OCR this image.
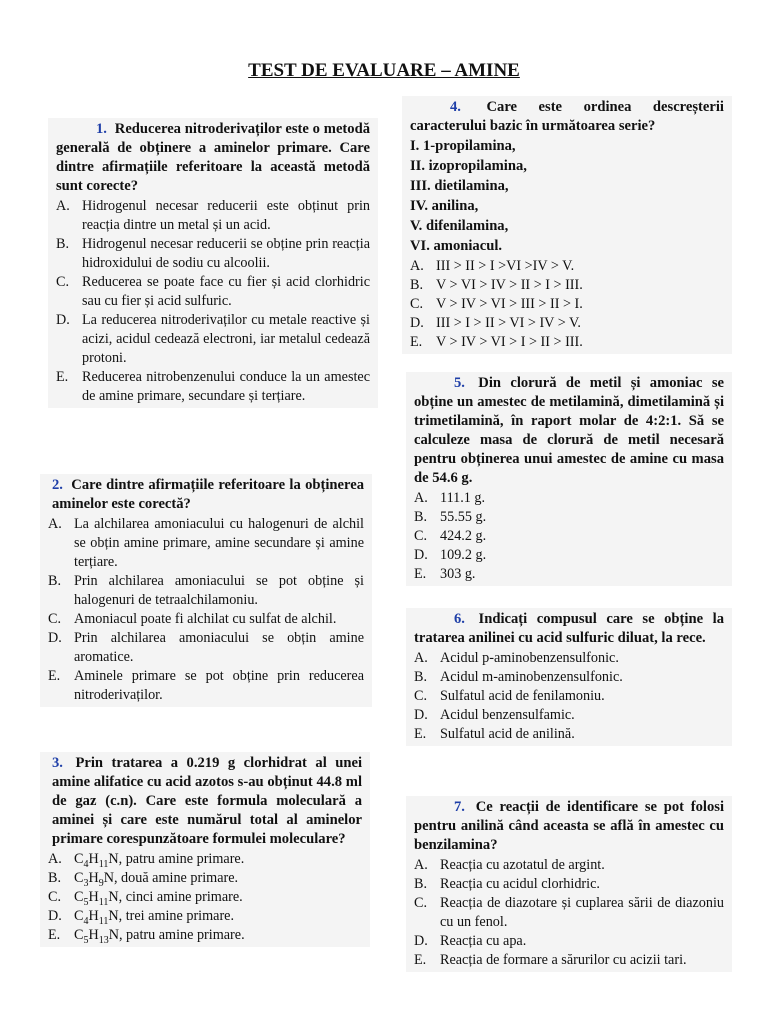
TEST DE EVALUARE – AMINE
1. Reducerea nitroderivaților este o metodă generală de obținere a aminelor primare. Care dintre afirmațiile referitoare la această metodă sunt corecte?
A. Hidrogenul necesar reducerii este obținut prin reacția dintre un metal și un acid.
B. Hidrogenul necesar reducerii se obține prin reacția hidroxidului de sodiu cu alcoolii.
C. Reducerea se poate face cu fier și acid clorhidric sau cu fier și acid sulfuric.
D. La reducerea nitroderivaților cu metale reactive și acizi, acidul cedează electroni, iar metalul cedează protoni.
E. Reducerea nitrobenzenului conduce la un amestec de amine primare, secundare și terțiare.
2. Care dintre afirmațiile referitoare la obținerea aminelor este corectă?
A. La alchilarea amoniacului cu halogenuri de alchil se obțin amine primare, amine secundare și amine terțiare.
B. Prin alchilarea amoniacului se pot obține și halogenuri de tetraalchilamoniu.
C. Amoniacul poate fi alchilat cu sulfat de alchil.
D. Prin alchilarea amoniacului se obțin amine aromatice.
E. Aminele primare se pot obține prin reducerea nitroderivaților.
3. Prin tratarea a 0.219 g clorhidrat al unei amine alifatice cu acid azotos s-au obținut 44.8 ml de gaz (c.n). Care este formula moleculară a aminei și care este numărul total al aminelor primare corespunzătoare formulei moleculare?
A. $C_4H_{11}N$, patru amine primare.
B. $C_3H_9N$, două amine primare.
C. $C_5H_{11}N$, cinci amine primare.
D. $C_4H_{11}N$, trei amine primare.
E. $C_5H_{13}N$, patru amine primare.
4. Care este ordinea descreșterii caracterului bazic în următoarea serie?
I. 1-propilamina,
II. izopropilamina,
III. dietilamina,
IV. anilina,
V. difenilamina,
VI. amoniacul.
A. III > II > I >VI >IV > V.
B. V > VI > IV > II > I > III.
C. V > IV > VI > III > II > I.
D. III > I > II > VI > IV > V.
E. V > IV > VI > I > II > III.
5. Din clorură de metil și amoniac se obține un amestec de metilamină, dimetilamină și trimetilamină, în raport molar de 4:2:1. Să se calculeze masa de clorură de metil necesară pentru obținerea unui amestec de amine cu masa de 54.6 g.
A. 111.1 g.
B. 55.55 g.
C. 424.2 g.
D. 109.2 g.
E. 303 g.
6. Indicați compusul care se obține la tratarea anilinei cu acid sulfuric diluat, la rece.
A. Acidul p-aminobenzensulfonic.
B. Acidul m-aminobenzensulfonic.
C. Sulfatul acid de fenilamoniu.
D. Acidul benzensulfamic.
E. Sulfatul acid de anilină.
7. Ce reacții de identificare se pot folosi pentru anilină când aceasta se află în amestec cu benzilamina?
A. Reacția cu azotatul de argint.
B. Reacția cu acidul clorhidric.
C. Reacția de diazotare și cuplarea sării de diazoniu cu un fenol.
D. Reacția cu apa.
E. Reacția de formare a sărurilor cu acizii tari.
